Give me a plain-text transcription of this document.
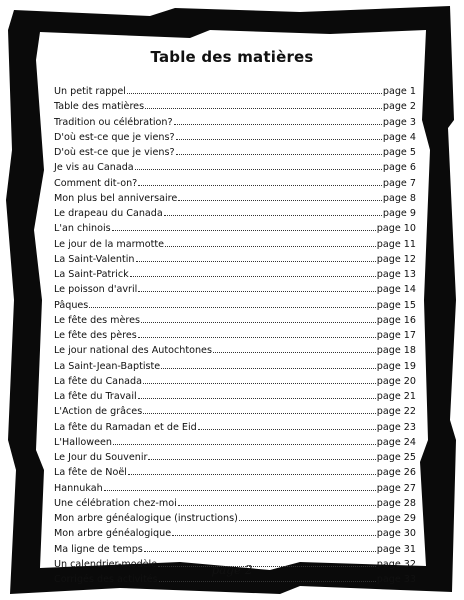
Table des matières
Un petit rappel	page 1
Table des matières	page 2
Tradition ou célébration?	page 3
D'où est-ce que je viens?	page 4
D'où est-ce que je viens?	page 5
Je vis au Canada	page 6
Comment dit-on?	page 7
Mon plus bel anniversaire	page 8
Le drapeau du Canada	page 9
L'an chinois	page 10
Le jour de la marmotte	page 11
La Saint-Valentin	page 12
La Saint-Patrick	page 13
Le poisson d'avril	page 14
Pâques	page 15
Le fête des mères	page 16
Le fête des pères	page 17
Le jour national des Autochtones	page 18
La Saint-Jean-Baptiste	page 19
La fête du Canada	page 20
La fête du Travail	page 21
L'Action de grâces	page 22
La fête du Ramadan et de Eid	page 23
L'Halloween	page 24
Le Jour du Souvenir	page 25
La fête de Noël	page 26
Hannukah	page 27
Une célébration chez-moi	page 28
Mon arbre généalogique (instructions)	page 29
Mon arbre généalogique	page 30
Ma ligne de temps	page 31
Un calendrier-modèle	page 32
Corrigés des activités	page 33
page 2
